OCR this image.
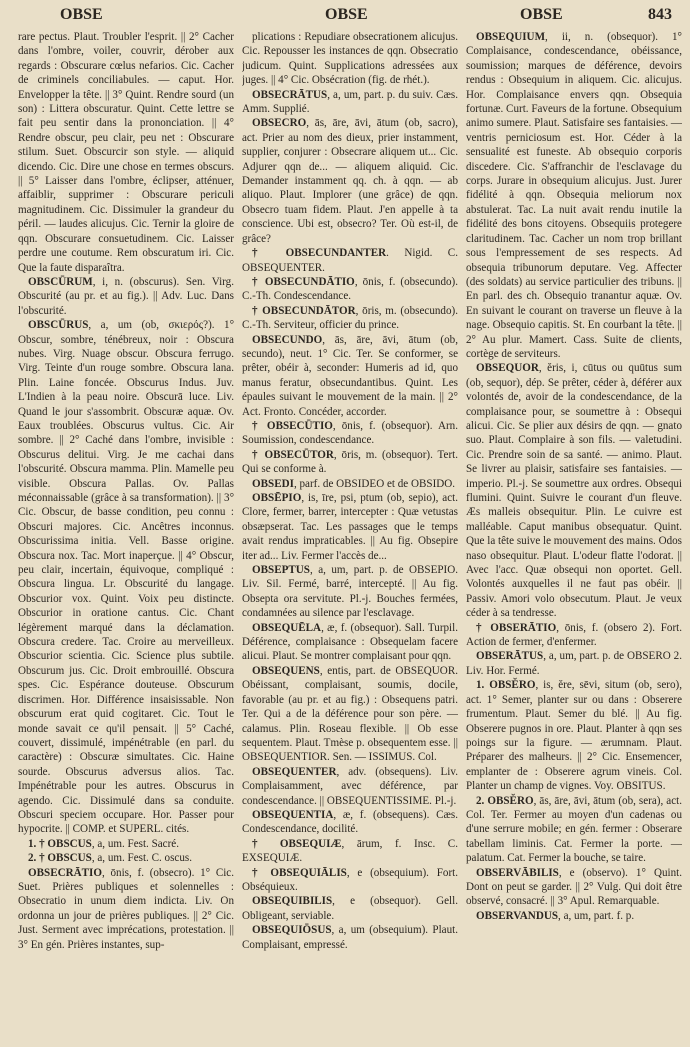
OBSE	OBSE	OBSE	843
rare pectus. Plaut. Troubler l'esprit. || 2° Cacher dans l'ombre, voiler, couvrir, dérober aux regards : Obscurare cœlus nefarios. Cic. Cacher de criminels conciliabules. — caput. Hor. Envelopper la tête. || 3° Quint. Rendre sourd (un son) : Littera obscuratur. Quint. Cette lettre se fait peu sentir dans la prononciation. || 4° Rendre obscur, peu clair, peu net : Obscurare stilum. Suet. Obscurcir son style. — aliquid dicendo. Cic. Dire une chose en termes obscurs. || 5° Laisser dans l'ombre, éclipser, atténuer, affaiblir, supprimer : Obscurare periculi magnitudinem. Cic. Dissimuler la grandeur du péril. — laudes alicujus. Cic. Ternir la gloire de qqn. Obscurare consuetudinem. Cic. Laisser perdre une coutume. Rem obscuratum iri. Cic. Que la faute disparaîtra.
OBSCŪRUM, i, n. (obscurus). Sen. Virg. Obscurité (au pr. et au fig.). || Adv. Luc. Dans l'obscurité.
OBSCŪRUS, a, um (ob, σκιερός?). 1° Obscur, sombre, ténébreux, noir : Obscura nubes. Virg. Nuage obscur. Obscura ferrugo. Virg. Teinte d'un rouge sombre. Obscura lana. Plin. Laine foncée. Obscurus Indus. Juv. L'Indien à la peau noire. Obscurā luce. Liv. Quand le jour s'assombrit. Obscuræ aquæ. Ov. Eaux troublées. Obscurus vultus. Cic. Air sombre. || 2° Caché dans l'ombre, invisible : Obscurus delitui. Virg. Je me cachai dans l'obscurité. Obscura mamma. Plin. Mamelle peu visible. Obscura Pallas. Ov. Pallas méconnaissable (grâce à sa transformation). || 3° Cic. Obscur, de basse condition, peu connu : Obscuri majores. Cic. Ancêtres inconnus. Obscurissima initia. Vell. Basse origine. Obscura nox. Tac. Mort inaperçue. || 4° Obscur, peu clair, incertain, équivoque, compliqué : Obscura lingua. Lr. Obscurité du langage. Obscurior vox. Quint. Voix peu distincte. Obscurior in oratione cantus. Cic. Chant légèrement marqué dans la déclamation. Obscura credere. Tac. Croire au merveilleux. Obscurior scientia. Cic. Science plus subtile. Obscurum jus. Cic. Droit embrouillé. Obscura spes. Cic. Espérance douteuse. Obscurum discrimen. Hor. Différence insaisissable. Non obscurum erat quid cogitaret. Cic. Tout le monde savait ce qu'il pensait. || 5° Caché, couvert, dissimulé, impénétrable (en parl. du caractère) : Obscuræ simultates. Cic. Haine sourde. Obscurus adversus alios. Tac. Impénétrable pour les autres. Obscurus in agendo. Cic. Dissimulé dans sa conduite. Obscuri speciem occupare. Hor. Passer pour hypocrite. || COMP. et SUPERL. cités.
1. † OBSCUS, a, um. Fest. Sacré.
2. † OBSCUS, a, um. Fest. C. oscus.
OBSECRĀTIO, ōnis, f. (obsecro). 1° Cic. Suet. Prières publiques et solennelles : Obsecratio in unum diem indicta. Liv. On ordonna un jour de prières publiques. || 2° Cic. Just. Serment avec imprécations, protestation. || 3° En gén. Prières instantes, sup-
plications : Repudiare obsecrationem alicujus. Cic. Repousser les instances de qqn. Obsecratio judicum. Quint. Supplications adressées aux juges. || 4° Cic. Obsécration (fig. de rhét.).
OBSECRĀTUS, a, um, part. p. du suiv. Cæs. Amm. Supplié.
OBSECRO, ās, āre, āvi, ātum (ob, sacro), act. Prier au nom des dieux, prier instamment, supplier, conjurer : Obsecrare aliquem ut... Cic. Adjurer qqn de... — aliquem aliquid. Cic. Demander instamment qq. ch. à qqn. — ab aliquo. Plaut. Implorer (une grâce) de qqn. Obsecro tuam fidem. Plaut. J'en appelle à ta conscience. Ubi est, obsecro? Ter. Où est-il, de grâce?
† OBSECUNDANTER. Nigid. C. OBSEQUENTER.
† OBSECUNDĀTIO, ōnis, f. (obsecundo). C.-Th. Condescendance.
† OBSECUNDĀTOR, ōris, m. (obsecundo). C.-Th. Serviteur, officier du prince.
OBSECUNDO, ās, āre, āvi, ātum (ob, secundo), neut. 1° Cic. Ter. Se conformer, se prêter, obéir à, seconder: Humeris ad id, quo manus feratur, obsecundantibus. Quint. Les épaules suivant le mouvement de la main. || 2° Act. Fronto. Concéder, accorder.
† OBSECŪTIO, ōnis, f. (obsequor). Arn. Soumission, condescendance.
† OBSECŪTOR, ōris, m. (obsequor). Tert. Qui se conforme à.
OBSEDI, parf. de OBSIDEO et de OBSIDO.
OBSĒPIO, is, īre, psi, ptum (ob, sepio), act. Clore, fermer, barrer, intercepter : Quæ vetustas obsæpserat. Tac. Les passages que le temps avait rendus impraticables. || Au fig. Obsepire iter ad... Liv. Fermer l'accès de...
OBSEPTUS, a, um, part. p. de OBSEPIO. Liv. Sil. Fermé, barré, intercepté. || Au fig. Obsepta ora servitute. Pl.-j. Bouches fermées, condamnées au silence par l'esclavage.
OBSEQUĒLA, æ, f. (obsequor). Sall. Turpil. Déférence, complaisance : Obsequelam facere alicui. Plaut. Se montrer complaisant pour qqn.
OBSEQUENS, entis, part. de OBSEQUOR. Obéissant, complaisant, soumis, docile, favorable (au pr. et au fig.) : Obsequens patri. Ter. Qui a de la déférence pour son père. — calamus. Plin. Roseau flexible. || Ob esse sequentem. Plaut. Tmèse p. obsequentem esse. || OBSEQUENTIOR. Sen. — ISSIMUS. Col.
OBSEQUENTER, adv. (obsequens). Liv. Complaisamment, avec déférence, par condescendance. || OBSEQUENTISSIME. Pl.-j.
OBSEQUENTIA, æ, f. (obsequens). Cæs. Condescendance, docilité.
† OBSEQUIÆ, ārum, f. Insc. C. EXSEQUIÆ.
† OBSEQUIĀLIS, e (obsequium). Fort. Obséquieux.
OBSEQUIBILIS, e (obsequor). Gell. Obligeant, serviable.
OBSEQUIŌSUS, a, um (obsequium). Plaut. Complaisant, empressé.
OBSEQUIUM, ii, n. (obsequor). 1° Complaisance, condescendance, obéissance, soumission; marques de déférence, devoirs rendus : Obsequium in aliquem. Cic. alicujus. Hor. Complaisance envers qqn. Obsequia fortunæ. Curt. Faveurs de la fortune. Obsequium animo sumere. Plaut. Satisfaire ses fantaisies. — ventris perniciosum est. Hor. Céder à la sensualité est funeste. Ab obsequio corporis discedere. Cic. S'affranchir de l'esclavage du corps. Jurare in obsequium alicujus. Just. Jurer fidélité à qqn. Obsequia meliorum nox abstulerat. Tac. La nuit avait rendu inutile la fidélité des bons citoyens. Obsequiis protegere claritudinem. Tac. Cacher un nom trop brillant sous l'empressement de ses respects. Ad obsequia tribunorum deputare. Veg. Affecter (des soldats) au service particulier des tribuns. || En parl. des ch. Obsequio tranantur aquæ. Ov. En suivant le courant on traverse un fleuve à la nage. Obsequio capitis. St. En courbant la tête. || 2° Au plur. Mamert. Cass. Suite de clients, cortège de serviteurs.
OBSEQUOR, ĕris, i, cūtus ou quūtus sum (ob, sequor), dép. Se prêter, céder à, déférer aux volontés de, avoir de la condescendance, de la complaisance pour, se soumettre à : Obsequi alicui. Cic. Se plier aux désirs de qqn. — gnato suo. Plaut. Complaire à son fils. — valetudini. Cic. Prendre soin de sa santé. — animo. Plaut. Se livrer au plaisir, satisfaire ses fantaisies. — imperio. Pl.-j. Se soumettre aux ordres. Obsequi flumini. Quint. Suivre le courant d'un fleuve. Æs malleis obsequitur. Plin. Le cuivre est malléable. Caput manibus obsequatur. Quint. Que la tête suive le mouvement des mains. Odos naso obsequitur. Plaut. L'odeur flatte l'odorat. || Avec l'acc. Quæ obsequi non oportet. Gell. Volontés auxquelles il ne faut pas obéir. || Passiv. Amori volo obsecutum. Plaut. Je veux céder à sa tendresse.
† OBSERĀTIO, ōnis, f. (obsero 2). Fort. Action de fermer, d'enfermer.
OBSERĀTUS, a, um, part. p. de OBSERO 2. Liv. Hor. Fermé.
1. OBSĔRO, is, ĕre, sēvi, situm (ob, sero), act. 1° Semer, planter sur ou dans : Obserere frumentum. Plaut. Semer du blé. || Au fig. Obserere pugnos in ore. Plaut. Planter à qqn ses poings sur la figure. — ærumnam. Plaut. Préparer des malheurs. || 2° Cic. Ensemencer, emplanter de : Obserere agrum vineis. Col. Planter un champ de vignes. Voy. OBSITUS.
2. OBSĔRO, ās, āre, āvi, ātum (ob, sera), act. Col. Ter. Fermer au moyen d'un cadenas ou d'une serrure mobile; en gén. fermer : Obserare tabellam liminis. Cat. Fermer la porte. — palatum. Cat. Fermer la bouche, se taire.
OBSERVĀBILIS, e (observo). 1° Quint. Dont on peut se garder. || 2° Vulg. Qui doit être observé, consacré. || 3° Apul. Remarquable.
OBSERVANDUS, a, um, part. f. p.
